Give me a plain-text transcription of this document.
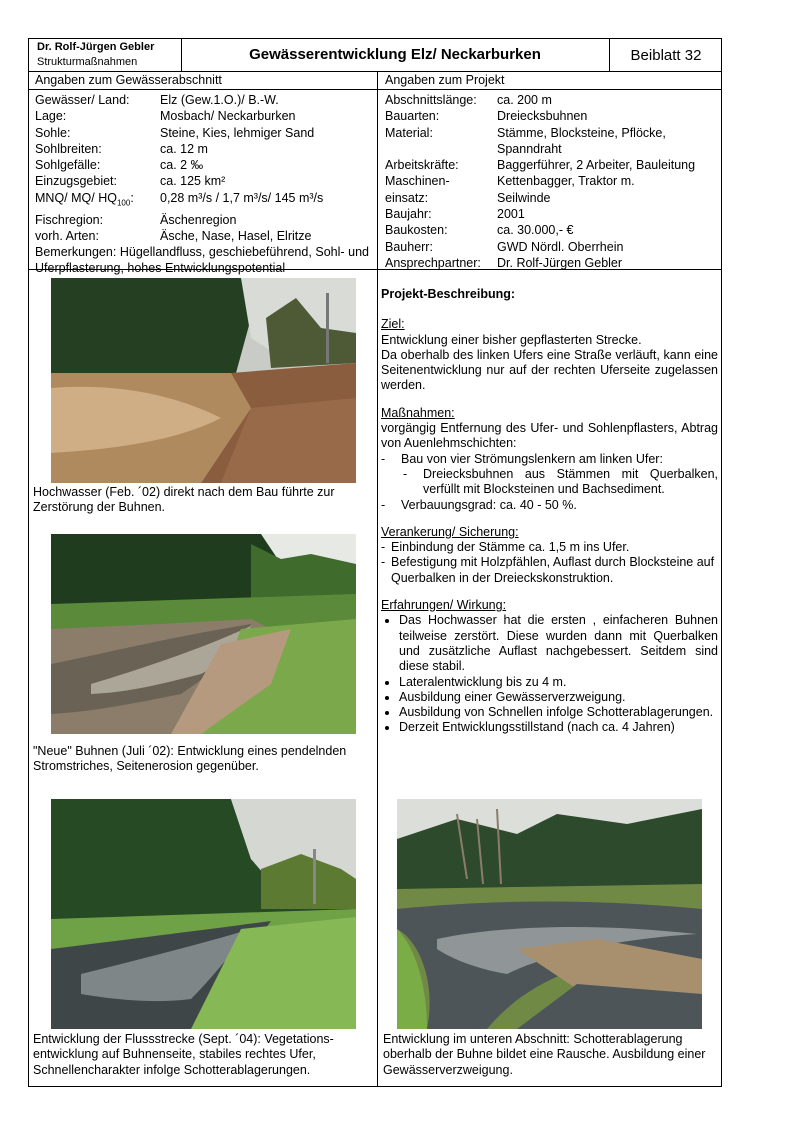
Dr. Rolf-Jürgen Gebler
Strukturmaßnahmen	Gewässerentwicklung Elz/ Neckarburken	Beiblatt 32
Angaben zum Gewässerabschnitt	Angaben zum Projekt
Gewässer/ Land:	Elz (Gew.1.O.)/ B.-W.
Lage:	Mosbach/ Neckarburken
Sohle:	Steine, Kies, lehmiger Sand
Sohlbreiten:	ca. 12 m
Sohlgefälle:	ca. 2 ‰
Einzugsgebiet:	ca. 125 km²
MNQ/ MQ/ $HQ_{100}$:	0,28 m³/s / 1,7 m³/s/ 145 m³/s
Fischregion:	Äschenregion
vorh. Arten:	Äsche, Nase, Hasel, Elritze
Bemerkungen: Hügellandfluss, geschiebeführend, Sohl- und Uferpflasterung, hohes Entwicklungspotential
Abschnittslänge:	ca. 200 m
Bauarten:	Dreiecksbuhnen
Material:	Stämme, Blocksteine, Pflöcke,
Spanndraht
Arbeitskräfte:	Baggerführer, 2 Arbeiter, Bauleitung
Maschinen-	Kettenbagger, Traktor m.
einsatz:	Seilwinde
Baujahr:	2001
Baukosten:	ca. 30.000,- €
Bauherr:	GWD Nördl. Oberrhein
Ansprechpartner:	Dr. Rolf-Jürgen Gebler
Projekt-Beschreibung:
Ziel:
Entwicklung einer bisher gepflasterten Strecke.
Da oberhalb des linken Ufers eine Straße verläuft, kann eine Seitenentwicklung nur auf der rechten Uferseite zugelassen werden.
Maßnahmen:
vorgängig Entfernung des Ufer- und Sohlenpflasters, Abtrag von Auenlehmschichten:
-	Bau von vier Strömungslenkern am linken Ufer:
-	Dreiecksbuhnen aus Stämmen mit Querbalken, verfüllt mit Blocksteinen und Bachsediment.
-	Verbauungsgrad: ca. 40 - 50 %.
Verankerung/ Sicherung:
- Einbindung der Stämme ca. 1,5 m ins Ufer.
- Befestigung mit Holzpfählen, Auflast durch Blocksteine auf Querbalken in der Dreieckskonstruktion.
Erfahrungen/ Wirkung:
• Das Hochwasser hat die ersten , einfacheren Buhnen teilweise zerstört. Diese wurden dann mit Querbalken und zusätzliche Auflast nachgebessert. Seitdem sind diese stabil.
• Lateralentwicklung bis zu 4 m.
• Ausbildung einer Gewässerverzweigung.
• Ausbildung von Schnellen infolge Schotterablagerungen.
• Derzeit Entwicklungsstillstand (nach ca. 4 Jahren)
Hochwasser (Feb. ´02) direkt nach dem Bau führte zur Zerstörung der Buhnen.
"Neue" Buhnen (Juli ´02): Entwicklung eines pendelnden Stromstriches, Seitenerosion gegenüber.
Entwicklung der Flussstrecke (Sept. ´04): Vegetations-entwicklung auf Buhnenseite, stabiles rechtes Ufer, Schnellencharakter infolge Schotterablagerungen.
Entwicklung im unteren Abschnitt: Schotterablagerung oberhalb der Buhne bildet eine Rausche. Ausbildung einer Gewässerverzweigung.
